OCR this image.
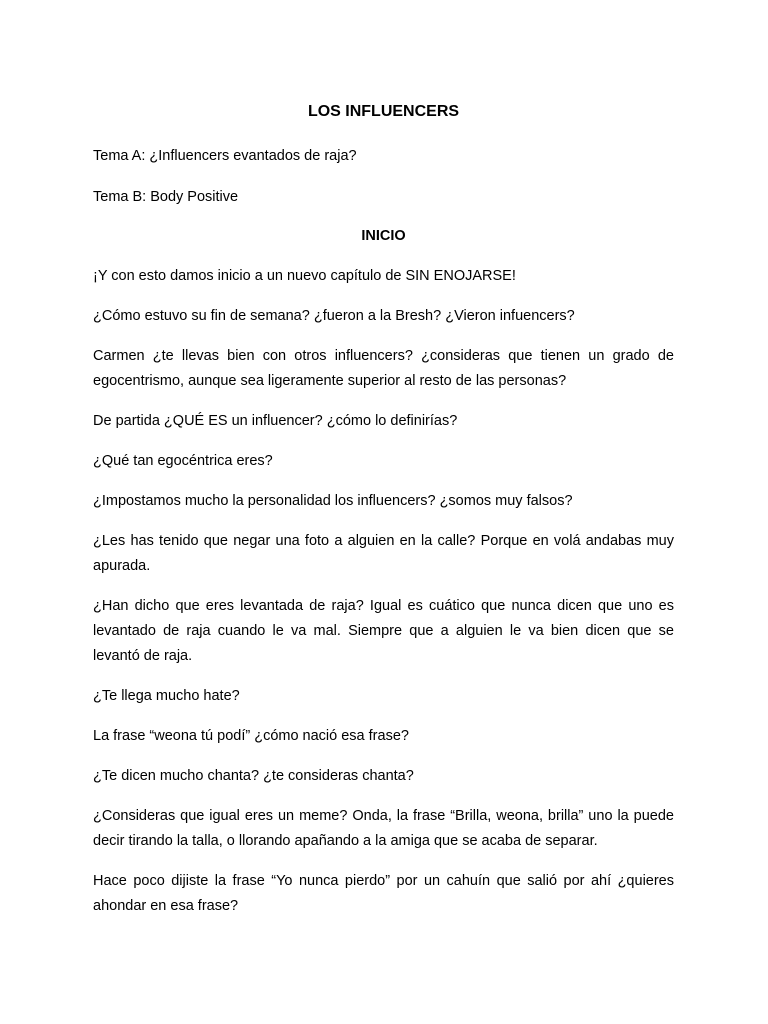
LOS INFLUENCERS

Tema A: ¿Influencers evantados de raja?

Tema B: Body Positive

INICIO

¡Y con esto damos inicio a un nuevo capítulo de SIN ENOJARSE!

¿Cómo estuvo su fin de semana? ¿fueron a la Bresh? ¿Vieron infuencers?

Carmen ¿te llevas bien con otros influencers? ¿consideras que tienen un grado de egocentrismo, aunque sea ligeramente superior al resto de las personas?

De partida ¿QUÉ ES un influencer? ¿cómo lo definirías?

¿Qué tan egocéntrica eres?

¿Impostamos mucho la personalidad los influencers? ¿somos muy falsos?

¿Les has tenido que negar una foto a alguien en la calle? Porque en volá andabas muy apurada.

¿Han dicho que eres levantada de raja? Igual es cuático que nunca dicen que uno es levantado de raja cuando le va mal. Siempre que a alguien le va bien dicen que se levantó de raja.

¿Te llega mucho hate?

La frase “weona tú podí” ¿cómo nació esa frase?

¿Te dicen mucho chanta? ¿te consideras chanta?

¿Consideras que igual eres un meme? Onda, la frase “Brilla, weona, brilla” uno la puede decir tirando la talla, o llorando apañando a la amiga que se acaba de separar.

Hace poco dijiste la frase “Yo nunca pierdo” por un cahuín que salió por ahí ¿quieres ahondar en esa frase?
